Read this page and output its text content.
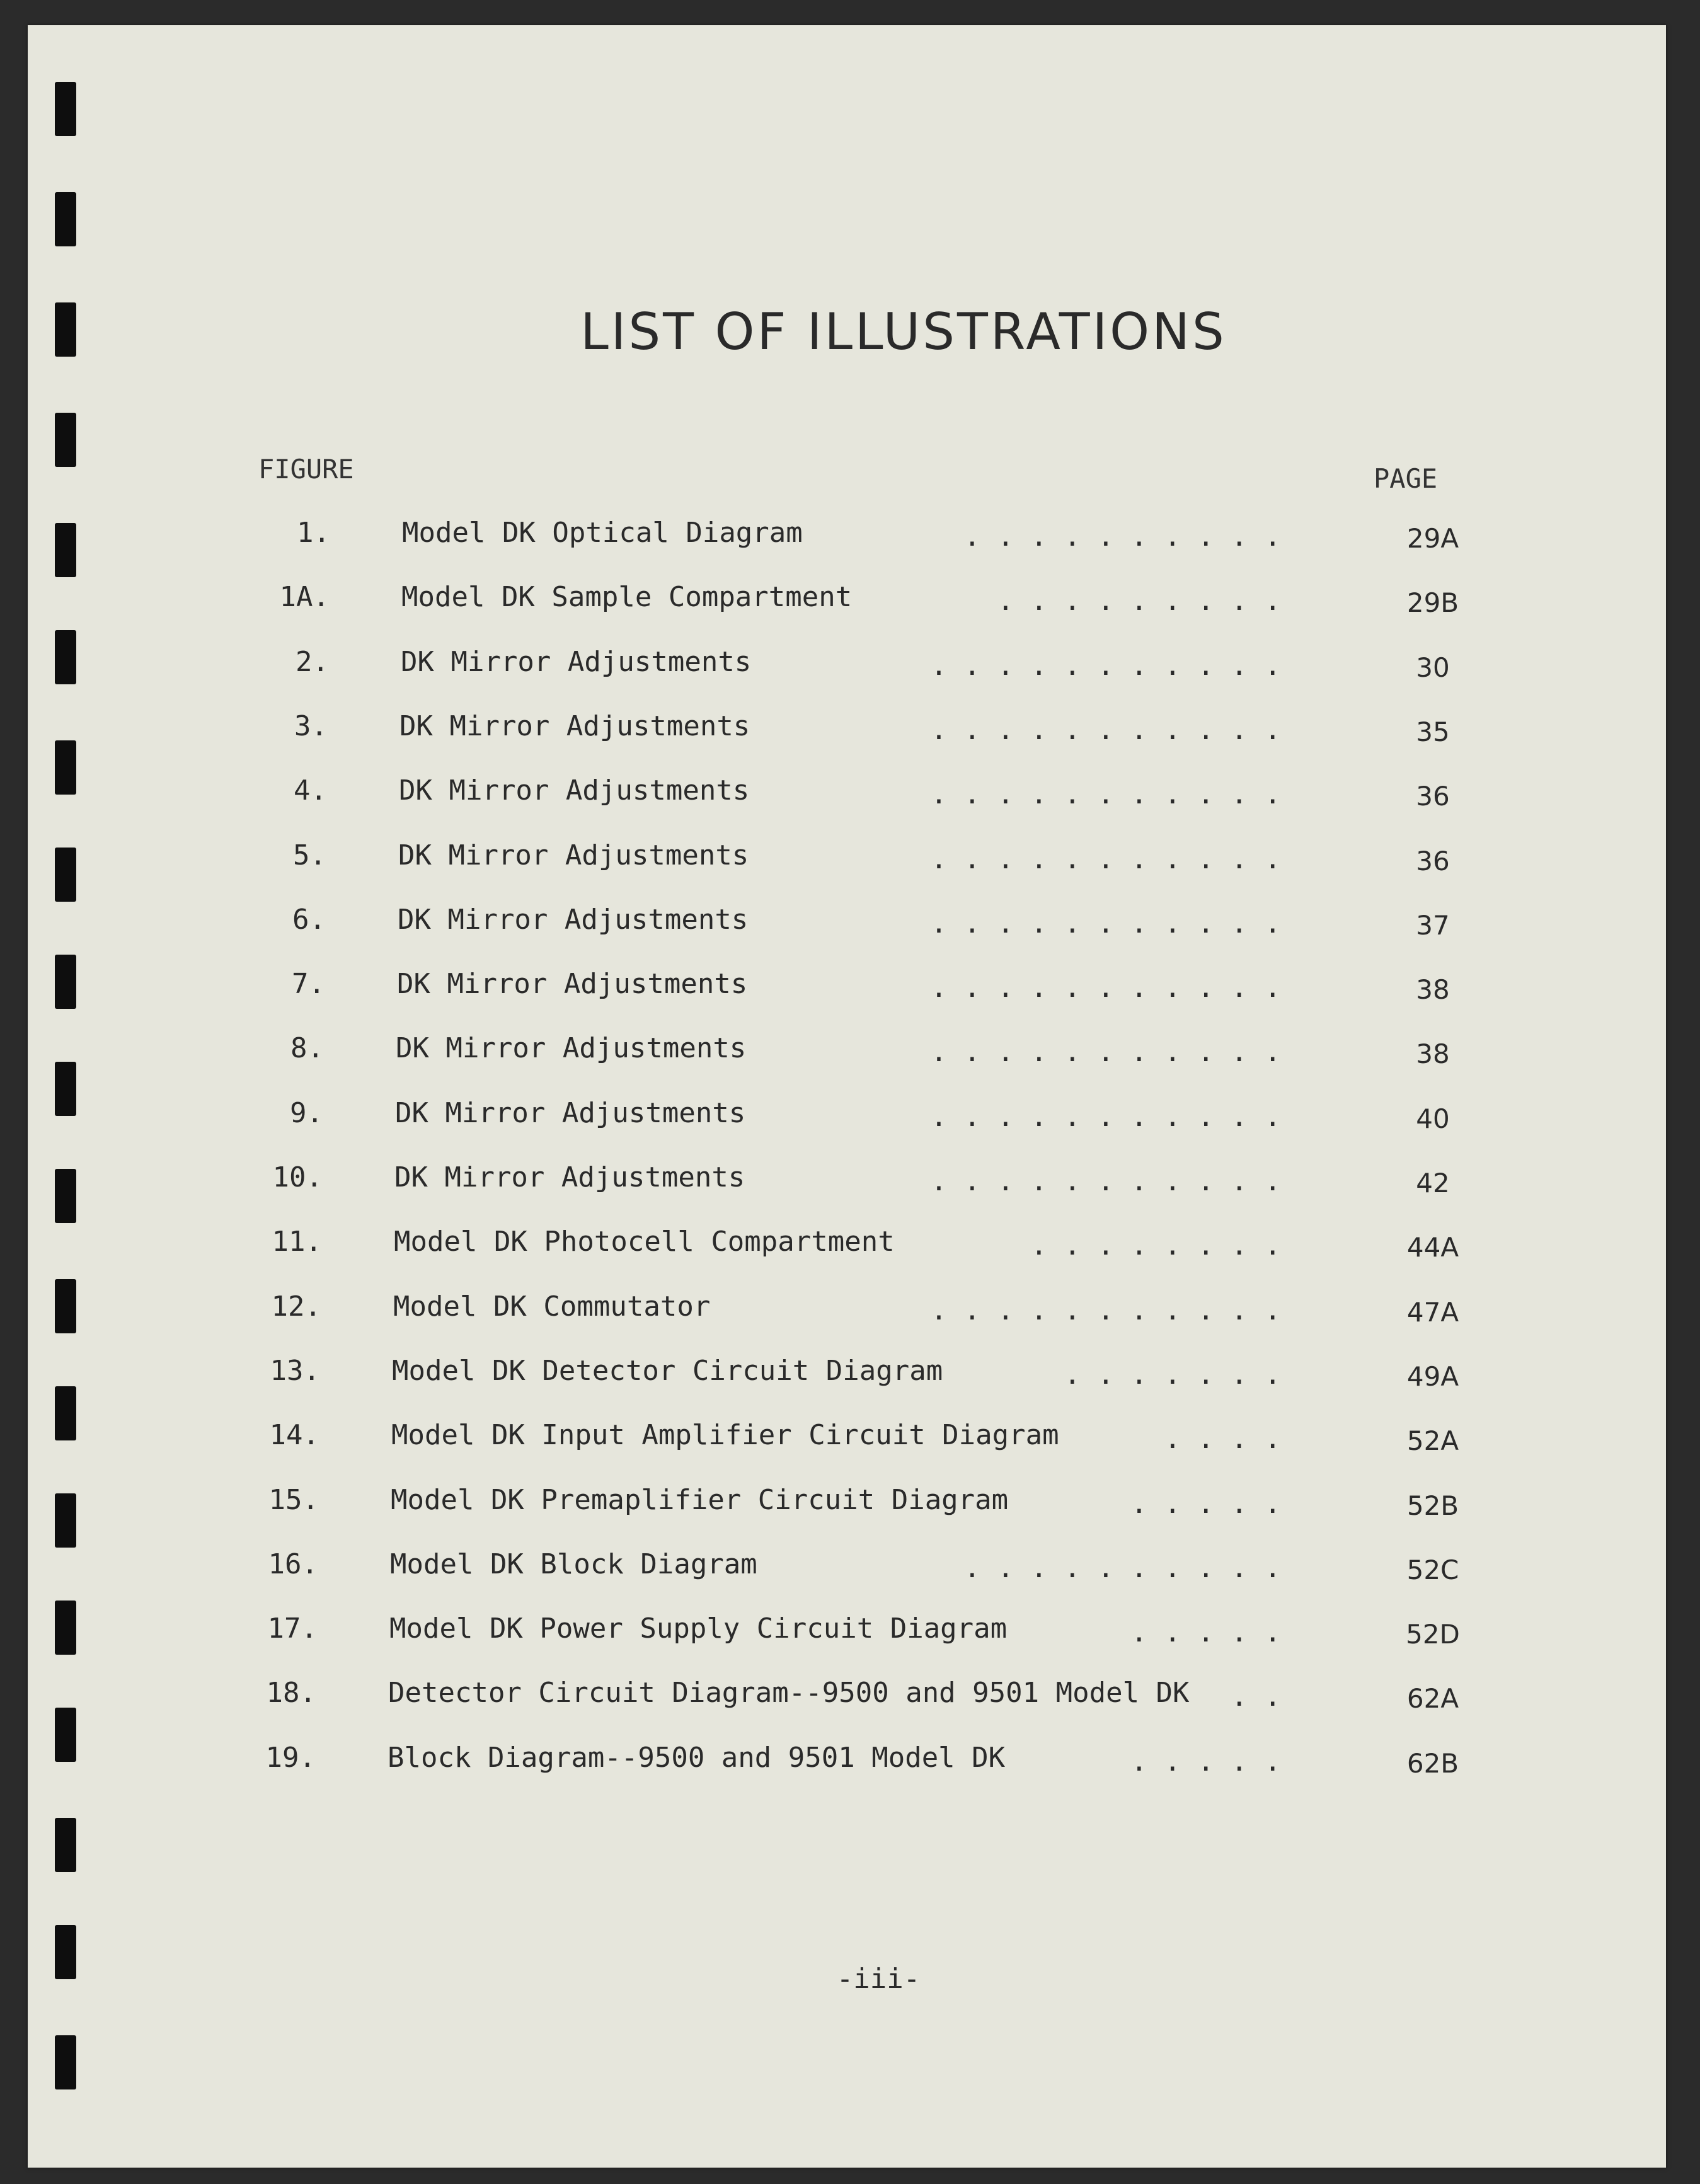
LIST OF ILLUSTRATIONS
FIGURE	PAGE
1.	Model DK Optical Diagram	. . . . . . . . . .	29A
1A.	Model DK Sample Compartment	. . . . . . . . .	29B
2.	DK Mirror Adjustments	. . . . . . . . . . .	30
3.	DK Mirror Adjustments	. . . . . . . . . . .	35
4.	DK Mirror Adjustments	. . . . . . . . . . .	36
5.	DK Mirror Adjustments	. . . . . . . . . . .	36
6.	DK Mirror Adjustments	. . . . . . . . . . .	37
7.	DK Mirror Adjustments	. . . . . . . . . . .	38
8.	DK Mirror Adjustments	. . . . . . . . . . .	38
9.	DK Mirror Adjustments	. . . . . . . . . . .	40
10.	DK Mirror Adjustments	. . . . . . . . . . .	42
11.	Model DK Photocell Compartment	. . . . . . . .	44A
12.	Model DK Commutator	. . . . . . . . . . .	47A
13.	Model DK Detector Circuit Diagram	. . . . . . .	49A
14.	Model DK Input Amplifier Circuit Diagram	. . . .	52A
15.	Model DK Premaplifier Circuit Diagram	. . . . .	52B
16.	Model DK Block Diagram	. . . . . . . . . .	52C
17.	Model DK Power Supply Circuit Diagram	. . . . .	52D
18.	Detector Circuit Diagram--9500 and 9501 Model DK . .	62A
19.	Block Diagram--9500 and 9501 Model DK	. . . . .	62B
-iii-
